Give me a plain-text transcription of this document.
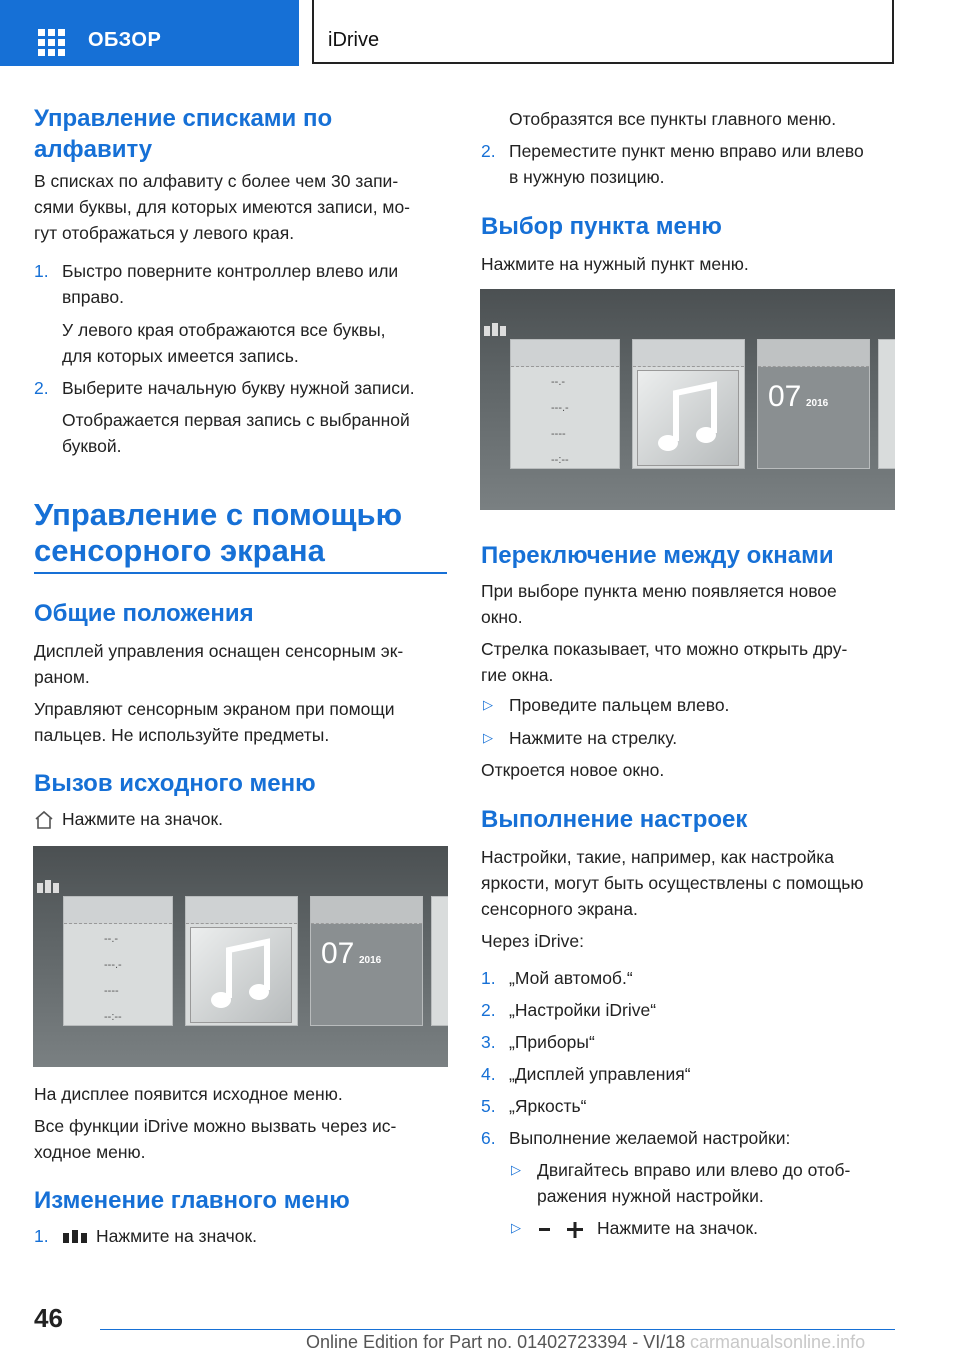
ОБЗОР	iDrive
Управление списками по
алфавиту
В списках по алфавиту с более чем 30 запи-
сями буквы, для которых имеются записи, мо-
гут отображаться у левого края.
1. Быстро поверните контроллер влево или
вправо.
У левого края отображаются все буквы,
для которых имеется запись.
2. Выберите начальную букву нужной записи.
Отображается первая запись с выбранной
буквой.
Управление с помощью
сенсорного экрана
Общие положения
Дисплей управления оснащен сенсорным эк-
раном.
Управляют сенсорным экраном при помощи
пальцев. Не используйте предметы.
Вызов исходного меню
Нажмите на значок.
--.-
---.-
----
--:--
07 2016
На дисплее появится исходное меню.
Все функции iDrive можно вызвать через ис-
ходное меню.
Изменение главного меню
1.	Нажмите на значок.
Отобразятся все пункты главного меню.
2. Переместите пункт меню вправо или влево
в нужную позицию.
Выбор пункта меню
Нажмите на нужный пункт меню.
--.-
---.-
----
--:--
07 2016
Переключение между окнами
При выборе пункта меню появляется новое
окно.
Стрелка показывает, что можно открыть дру-
гие окна.
▷ Проведите пальцем влево.
▷ Нажмите на стрелку.
Откроется новое окно.
Выполнение настроек
Настройки, такие, например, как настройка
яркости, могут быть осуществлены с помощью
сенсорного экрана.
Через iDrive:
1. „Мой автомоб.“
2. „Настройки iDrive“
3. „Приборы“
4. „Дисплей управления“
5. „Яркость“
6. Выполнение желаемой настройки:
▷ Двигайтесь вправо или влево до отоб-
ражения нужной настройки.
▷	Нажмите на значок.
46
Online Edition for Part no. 01402723394 - VI/18 carmanualsonline.info
